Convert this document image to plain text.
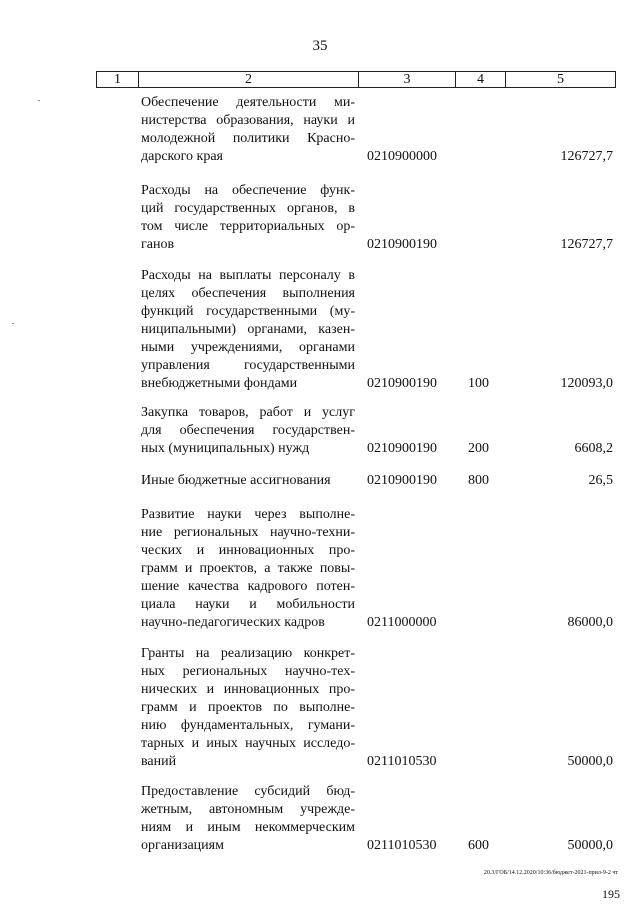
35
1	2	3	4	5
Обеспечение деятельности ми-
нистерства образования, науки и
молодежной политики Красно-
дарского края	0210900000	126727,7
Расходы на обеспечение функ-
ций государственных органов, в
том числе территориальных ор-
ганов	0210900190	126727,7
Расходы на выплаты персоналу в
целях обеспечения выполнения
функций государственными (му-
ниципальными) органами, казен-
ными учреждениями, органами
управления государственными
внебюджетными фондами	0210900190 100	120093,0
Закупка товаров, работ и услуг
для обеспечения государствен-
ных (муниципальных) нужд	0210900190 200	6608,2
Иные бюджетные ассигнования	0210900190 800	26,5
Развитие науки через выполне-
ние региональных научно-техни-
ческих и инновационных про-
грамм и проектов, а также повы-
шение качества кадрового потен-
циала науки и мобильности
научно-педагогических кадров	0211000000	86000,0
Гранты на реализацию конкрет-
ных региональных научно-тех-
нических и инновационных про-
грамм и проектов по выполне-
нию фундаментальных, гумани-
тарных и иных научных исследо-
ваний	0211010530	50000,0
Предоставление субсидий бюд-
жетным, автономным учрежде-
ниям и иным некоммерческим
организациям	0211010530 600	50000,0
20.3/ГОБ/14.12.2020/10:36/бюджет-2021-прил-9-2 чт
195
